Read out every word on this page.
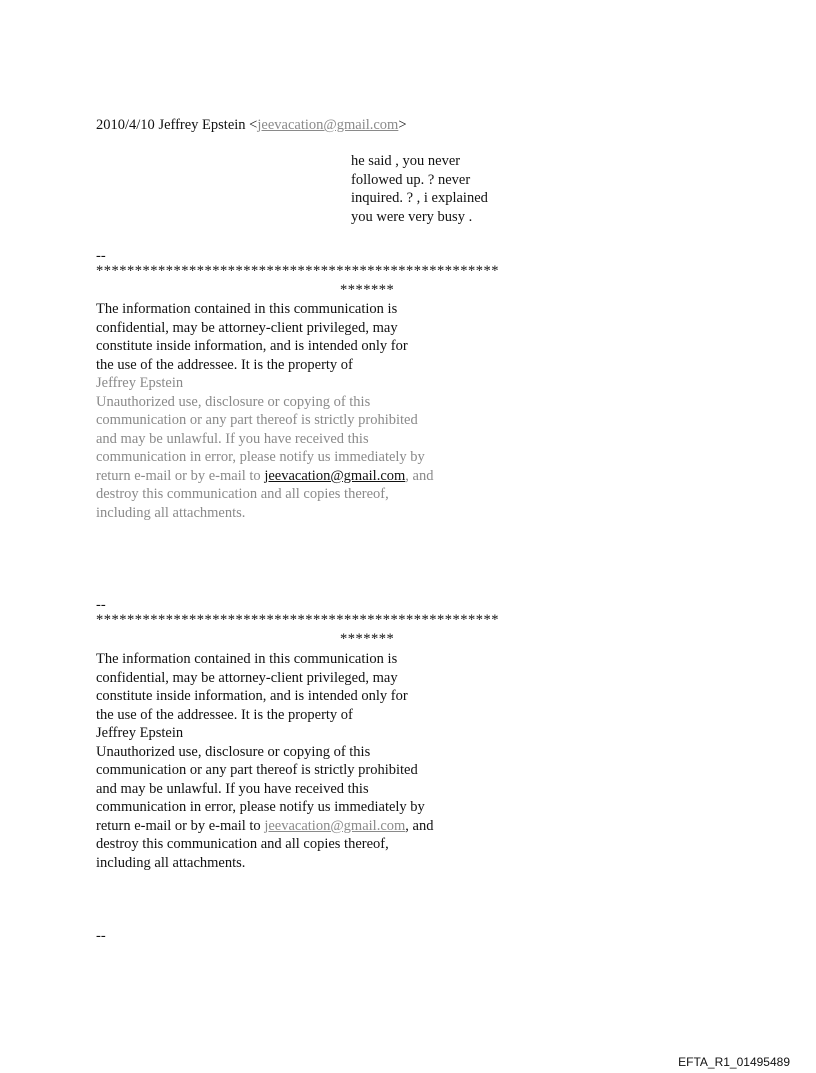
2010/4/10 Jeffrey Epstein <jeevacation@gmail.com>
he said , you never
followed up. ? never
inquired. ? , i explained
you were very busy .
--
****************************************************
*******
The information contained in this communication is
confidential, may be attorney-client privileged, may
constitute inside information, and is intended only for
the use of the addressee. It is the property of
Jeffrey Epstein
Unauthorized use, disclosure or copying of this
communication or any part thereof is strictly prohibited
and may be unlawful. If you have received this
communication in error, please notify us immediately by
return e-mail or by e-mail to jeevacation@gmail.com, and
destroy this communication and all copies thereof,
including all attachments.
--
****************************************************
*******
The information contained in this communication is
confidential, may be attorney-client privileged, may
constitute inside information, and is intended only for
the use of the addressee. It is the property of
Jeffrey Epstein
Unauthorized use, disclosure or copying of this
communication or any part thereof is strictly prohibited
and may be unlawful. If you have received this
communication in error, please notify us immediately by
return e-mail or by e-mail to jeevacation@gmail.com, and
destroy this communication and all copies thereof,
including all attachments.
--
EFTA_R1_01495489
